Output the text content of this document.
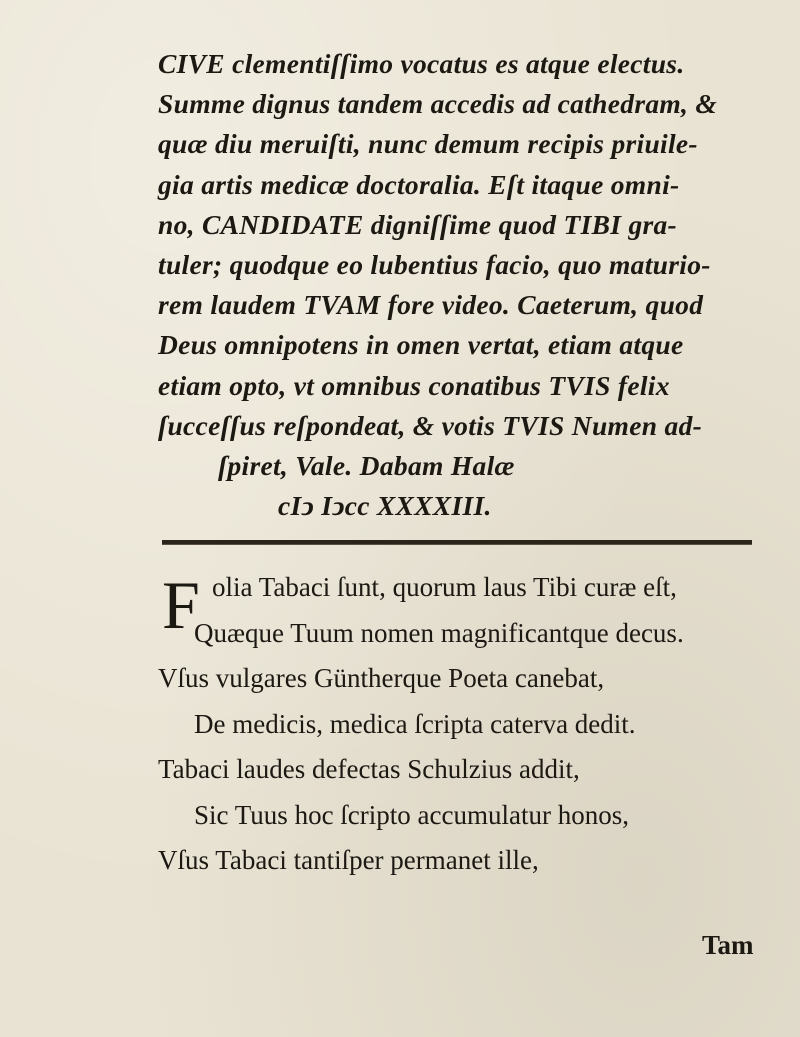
CIVE clementiſſimo vocatus es atque electus.
Summe dignus tandem accedis ad cathedram, &
quæ diu meruiſti, nunc demum recipis priuile-
gia artis medicæ doctoralia. Eſt itaque omni-
no, CANDIDATE digniſſime quod TIBI gra-
tuler; quodque eo lubentius facio, quo maturio-
rem laudem TVAM fore video. Caeterum, quod
Deus omnipotens in omen vertat, etiam atque
etiam opto, vt omnibus conatibus TVIS felix
ſucceſſus reſpondeat, & votis TVIS Numen ad-
ſpiret, Vale. Dabam Halæ
cIↄ Iↄcc XXXXIII.
F olia Tabaci ſunt, quorum laus Tibi curæ eſt,
Quæque Tuum nomen magnificantque decus.
Vſus vulgares Güntherque Poeta canebat,
De medicis, medica ſcripta caterva dedit.
Tabaci laudes defectas Schulzius addit,
Sic Tuus hoc ſcripto accumulatur honos,
Vſus Tabaci tantiſper permanet ille,
Tam
